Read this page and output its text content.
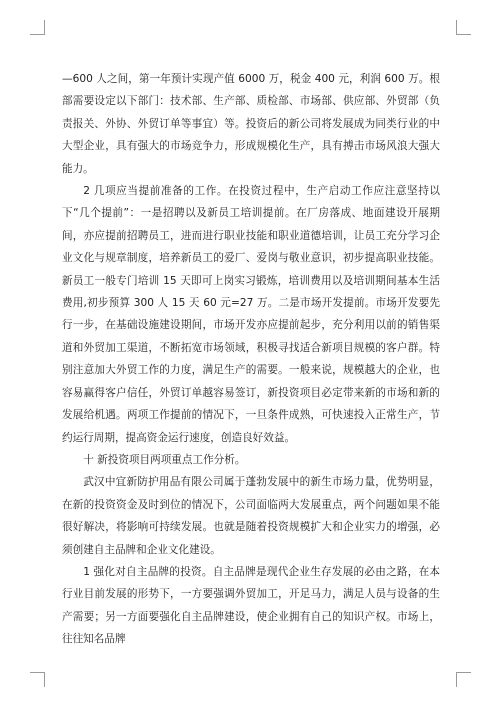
—600 人之间，第一年预计实现产值 6000 万，税金 400 元，利润 600 万。根部需要设定以下部门：技术部、生产部、质检部、市场部、供应部、外贸部（负责报关、外协、外贸订单等事宜）等。投资后的新公司将发展成为同类行业的中大型企业，具有强大的市场竞争力，形成规模化生产，具有搏击市场风浪大强大能力。

2 几项应当提前准备的工作。在投资过程中，生产启动工作应注意坚持以下“几个提前”：一是招聘以及新员工培训提前。在厂房落成、地面建设开展期间，亦应提前招聘员工，进而进行职业技能和职业道德培训，让员工充分学习企业文化与规章制度，培养新员工的爱厂、爱岗与敬业意识，初步提高职业技能。新员工一般专门培训 15 天即可上岗实习锻炼，培训费用以及培训期间基本生活费用,初步预算 300 人 15 天 60 元=27 万。二是市场开发提前。市场开发要先行一步，在基础设施建设期间，市场开发亦应提前起步，充分利用以前的销售渠道和外贸加工渠道，不断拓宽市场领域，积极寻找适合新项目规模的客户群。特别注意加大外贸工作的力度，满足生产的需要。一般来说，规模越大的企业，也容易赢得客户信任，外贸订单越容易签订，新投资项目必定带来新的市场和新的发展给机遇。两项工作提前的情况下，一旦条件成熟，可快速投入正常生产，节约运行周期，提高资金运行速度，创造良好效益。

十 新投资项目两项重点工作分析。

武汉中宜新防护用品有限公司属于蓬勃发展中的新生市场力量，优势明显，在新的投资资金及时到位的情况下，公司面临两大发展重点，两个问题如果不能很好解决，将影响可持续发展。也就是随着投资规模扩大和企业实力的增强，必须创建自主品牌和企业文化建设。

1 强化对自主品牌的投资。自主品牌是现代企业生存发展的必由之路，在本行业目前发展的形势下，一方要强调外贸加工，开足马力，满足人员与设备的生产需要；另一方面要强化自主品牌建设，使企业拥有自己的知识产权。市场上，往往知名品牌
